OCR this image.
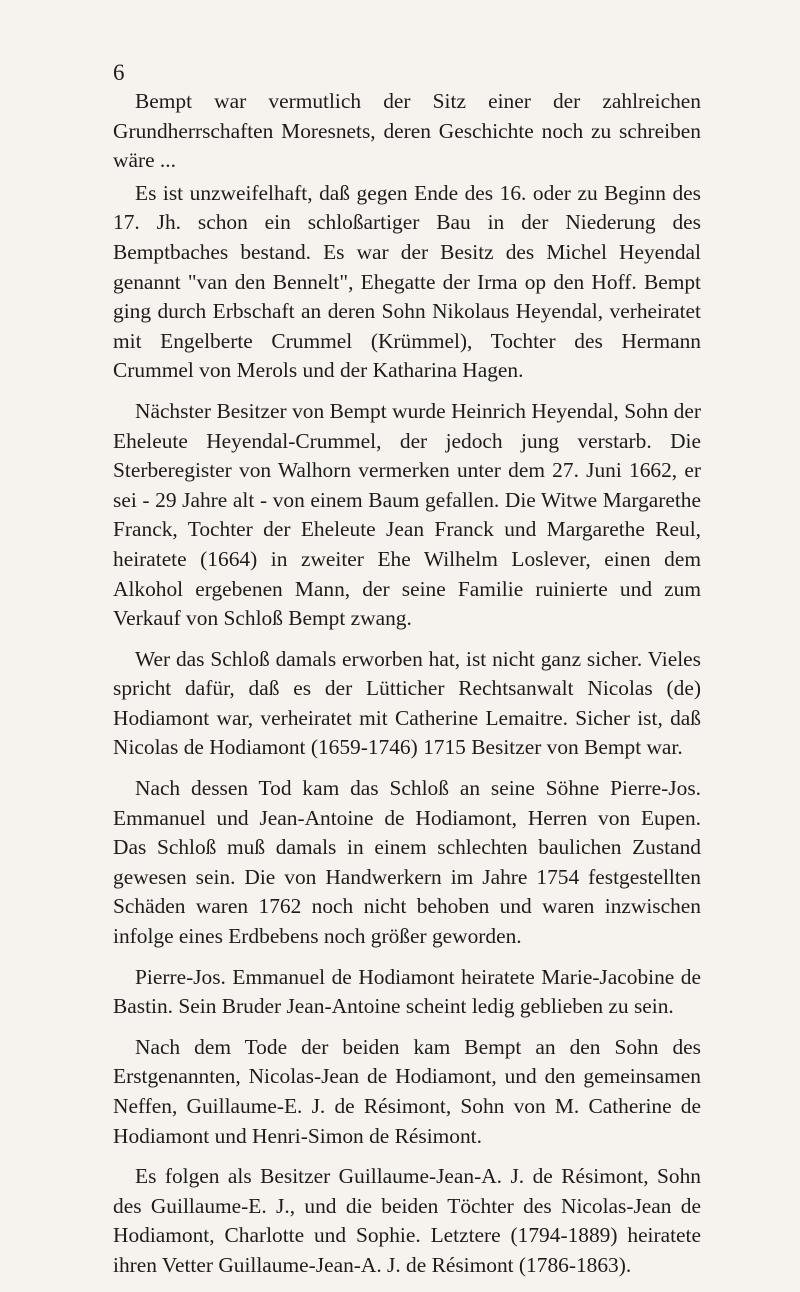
6

Bempt war vermutlich der Sitz einer der zahlreichen Grundherrschaften Moresnets, deren Geschichte noch zu schreiben wäre ...

Es ist unzweifelhaft, daß gegen Ende des 16. oder zu Beginn des 17. Jh. schon ein schloßartiger Bau in der Niederung des Bemptbaches bestand. Es war der Besitz des Michel Heyendal genannt "van den Bennelt", Ehegatte der Irma op den Hoff. Bempt ging durch Erbschaft an deren Sohn Nikolaus Heyendal, verheiratet mit Engelberte Crummel (Krümmel), Tochter des Hermann Crummel von Merols und der Katharina Hagen.

Nächster Besitzer von Bempt wurde Heinrich Heyendal, Sohn der Eheleute Heyendal-Crummel, der jedoch jung verstarb. Die Sterberegister von Walhorn vermerken unter dem 27. Juni 1662, er sei - 29 Jahre alt - von einem Baum gefallen. Die Witwe Margarethe Franck, Tochter der Eheleute Jean Franck und Margarethe Reul, heiratete (1664) in zweiter Ehe Wilhelm Loslever, einen dem Alkohol ergebenen Mann, der seine Familie ruinierte und zum Verkauf von Schloß Bempt zwang.

Wer das Schloß damals erworben hat, ist nicht ganz sicher. Vieles spricht dafür, daß es der Lütticher Rechtsanwalt Nicolas (de) Hodiamont war, verheiratet mit Catherine Lemaitre. Sicher ist, daß Nicolas de Hodiamont (1659-1746) 1715 Besitzer von Bempt war.

Nach dessen Tod kam das Schloß an seine Söhne Pierre-Jos. Emmanuel und Jean-Antoine de Hodiamont, Herren von Eupen. Das Schloß muß damals in einem schlechten baulichen Zustand gewesen sein. Die von Handwerkern im Jahre 1754 festgestellten Schäden waren 1762 noch nicht behoben und waren inzwischen infolge eines Erdbebens noch größer geworden.

Pierre-Jos. Emmanuel de Hodiamont heiratete Marie-Jacobine de Bastin. Sein Bruder Jean-Antoine scheint ledig geblieben zu sein.

Nach dem Tode der beiden kam Bempt an den Sohn des Erstgenannten, Nicolas-Jean de Hodiamont, und den gemeinsamen Neffen, Guillaume-E. J. de Résimont, Sohn von M. Catherine de Hodiamont und Henri-Simon de Résimont.

Es folgen als Besitzer Guillaume-Jean-A. J. de Résimont, Sohn des Guillaume-E. J., und die beiden Töchter des Nicolas-Jean de Hodiamont, Charlotte und Sophie. Letztere (1794-1889) heiratete ihren Vetter Guillaume-Jean-A. J. de Résimont (1786-1863).
